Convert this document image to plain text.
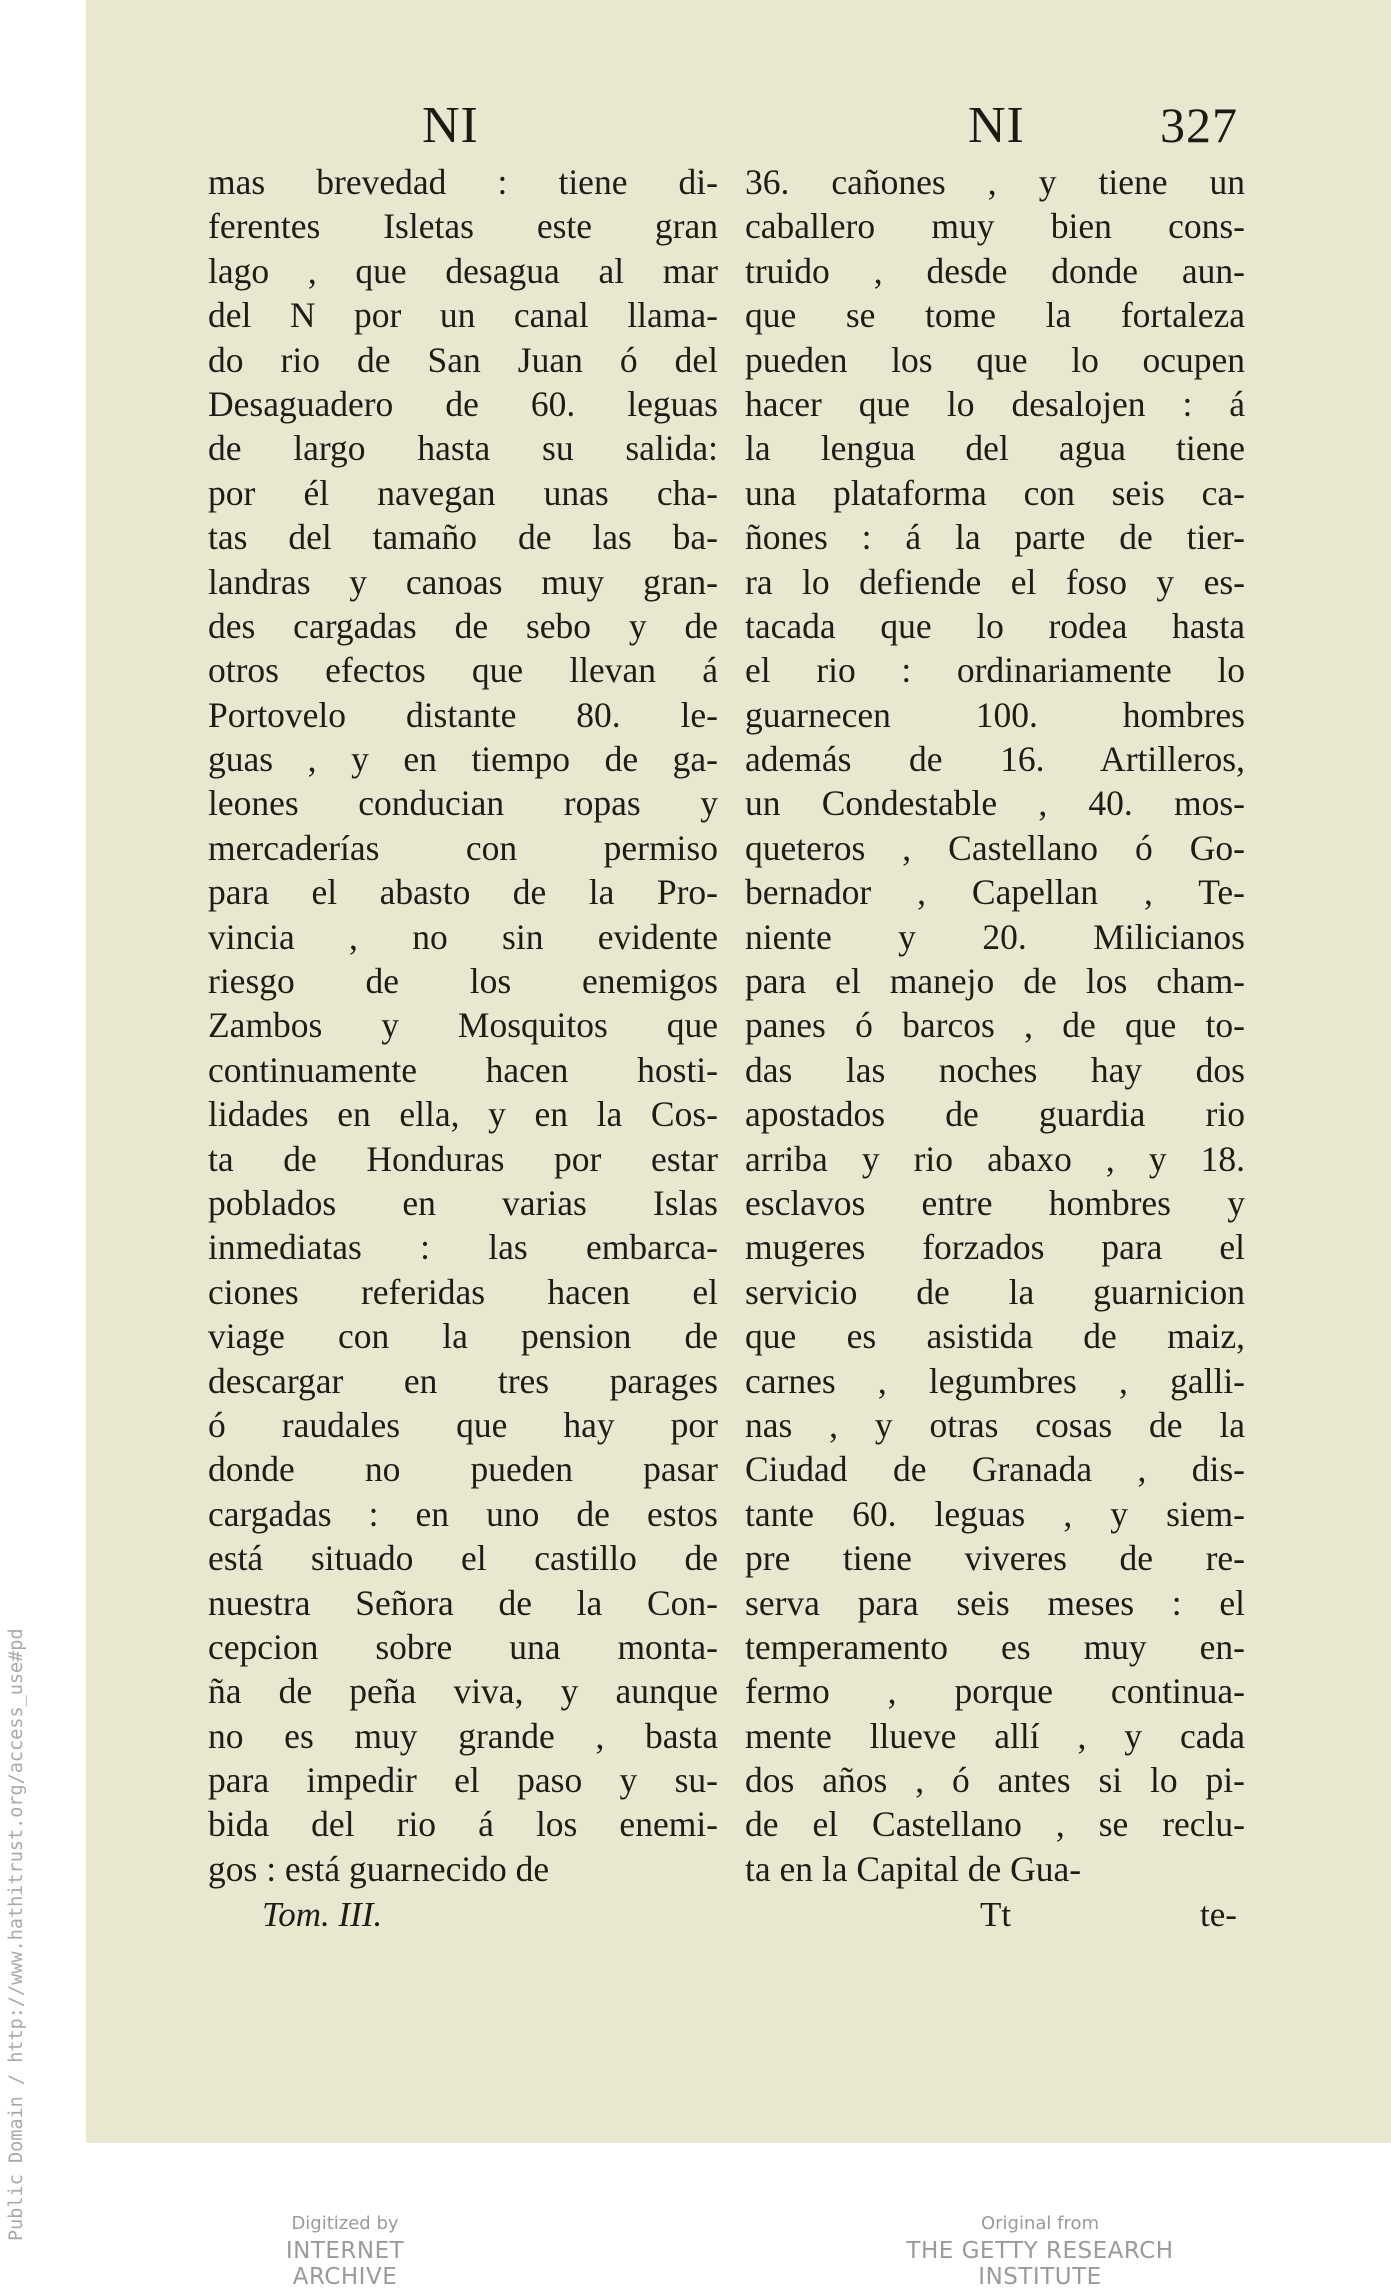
NI	NI	327
mas brevedad : tiene di-
ferentes Isletas este gran
lago , que desagua al mar
del N por un canal llama-
do rio de San Juan ó del
Desaguadero de 60. leguas
de largo hasta su salida:
por él navegan unas cha-
tas del tamaño de las ba-
landras y canoas muy gran-
des cargadas de sebo y de
otros efectos que llevan á
Portovelo distante 80. le-
guas , y en tiempo de ga-
leones conducian ropas y
mercaderías con permiso
para el abasto de la Pro-
vincia , no sin evidente
riesgo de los enemigos
Zambos y Mosquitos que
continuamente hacen hosti-
lidades en ella, y en la Cos-
ta de Honduras por estar
poblados en varias Islas
inmediatas : las embarca-
ciones referidas hacen el
viage con la pension de
descargar en tres parages
ó raudales que hay por
donde no pueden pasar
cargadas : en uno de estos
está situado el castillo de
nuestra Señora de la Con-
cepcion sobre una monta-
ña de peña viva, y aunque
no es muy grande , basta
para impedir el paso y su-
bida del rio á los enemi-
gos : está guarnecido de
36. cañones , y tiene un
caballero muy bien cons-
truido , desde donde aun-
que se tome la fortaleza
pueden los que lo ocupen
hacer que lo desalojen : á
la lengua del agua tiene
una plataforma con seis ca-
ñones : á la parte de tier-
ra lo defiende el foso y es-
tacada que lo rodea hasta
el rio : ordinariamente lo
guarnecen 100. hombres
además de 16. Artilleros,
un Condestable , 40. mos-
queteros , Castellano ó Go-
bernador , Capellan , Te-
niente y 20. Milicianos
para el manejo de los cham-
panes ó barcos , de que to-
das las noches hay dos
apostados de guardia rio
arriba y rio abaxo , y 18.
esclavos entre hombres y
mugeres forzados para el
servicio de la guarnicion
que es asistida de maiz,
carnes , legumbres , galli-
nas , y otras cosas de la
Ciudad de Granada , dis-
tante 60. leguas , y siem-
pre tiene viveres de re-
serva para seis meses : el
temperamento es muy en-
fermo , porque continua-
mente llueve allí , y cada
dos años , ó antes si lo pi-
de el Castellano , se reclu-
ta en la Capital de Gua-
Tom. III.	Tt	te-
Public Domain / http://www.hathitrust.org/access_use#pd	Digitized by
INTERNET ARCHIVE
Original from
THE GETTY RESEARCH INSTITUTE
